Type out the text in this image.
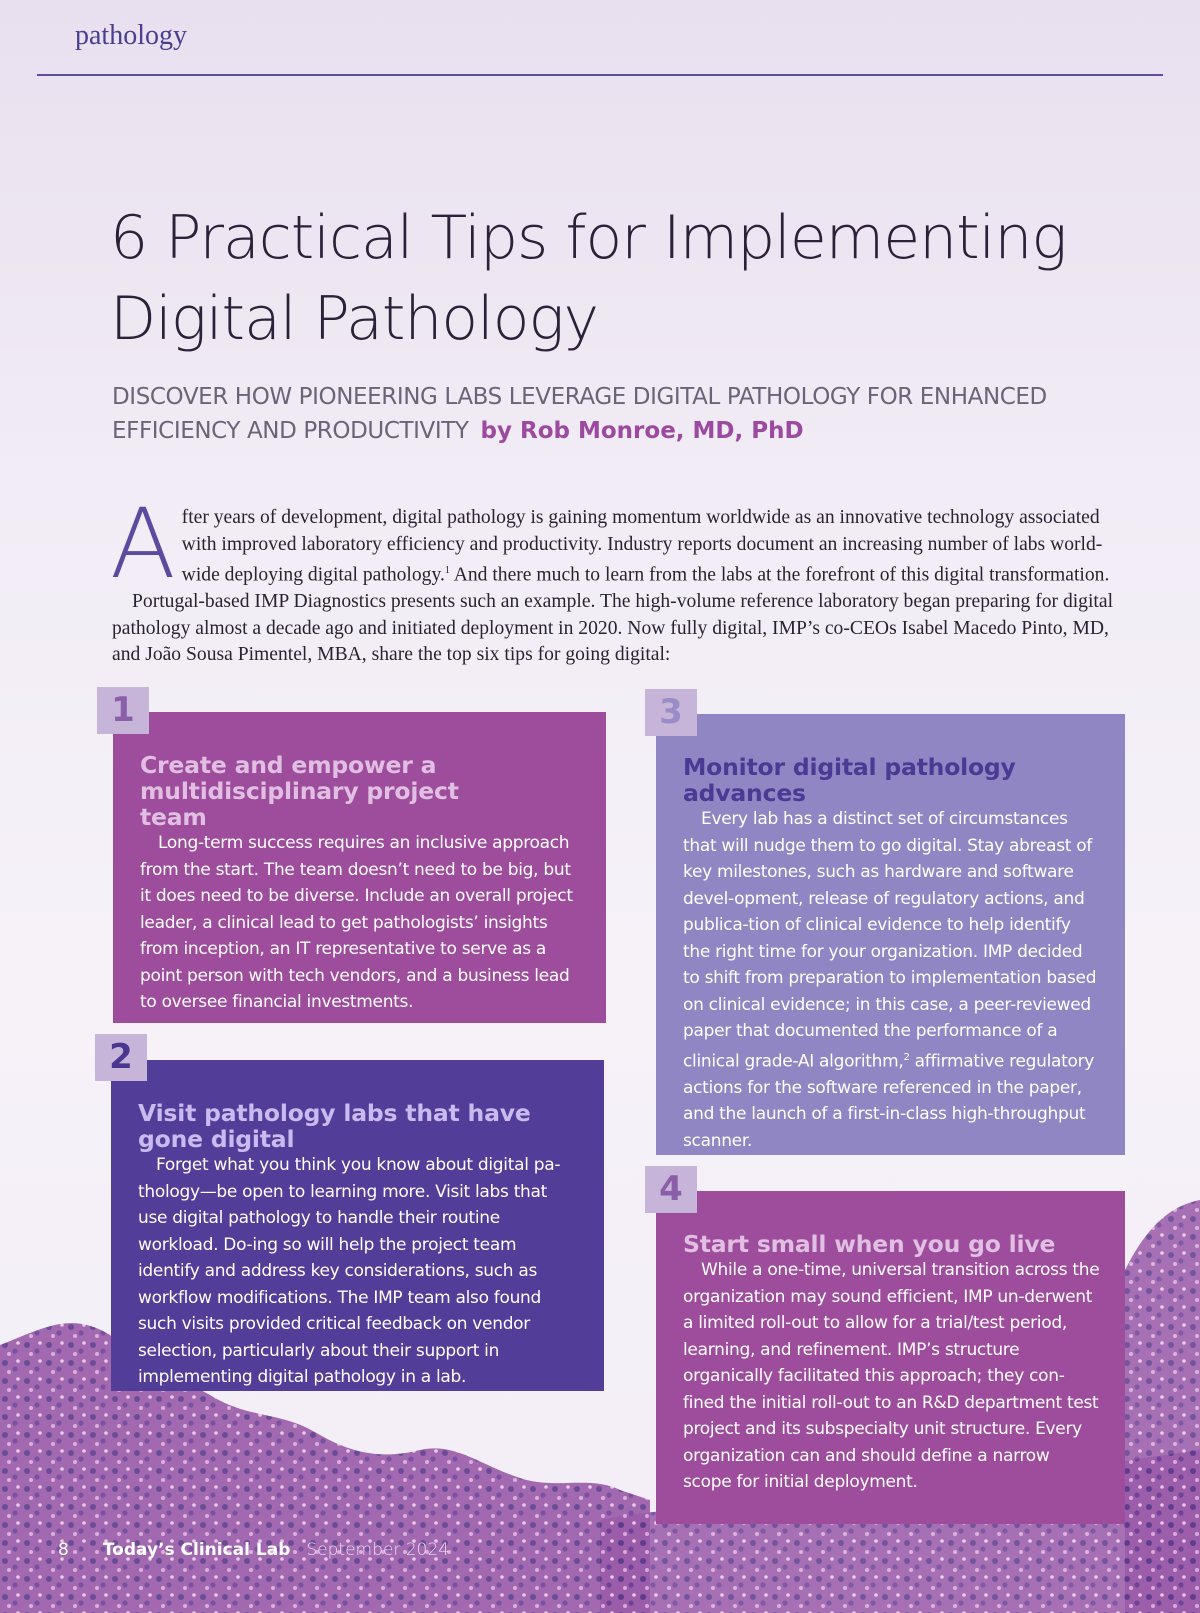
pathology
6 Practical Tips for Implementing
Digital Pathology
DISCOVER HOW PIONEERING LABS LEVERAGE DIGITAL PATHOLOGY FOR ENHANCED
EFFICIENCY AND PRODUCTIVITY by Rob Monroe, MD, PhD

After years of development, digital pathology is gaining momentum worldwide as an innovative technology associated with improved laboratory efficiency and productivity. Industry reports document an increasing number of labs world-wide deploying digital pathology.$^1$ And there much to learn from the labs at the forefront of this digital transformation.

Portugal-based IMP Diagnostics presents such an example. The high-volume reference laboratory began preparing for digital pathology almost a decade ago and initiated deployment in 2020. Now fully digital, IMP’s co-CEOs Isabel Macedo Pinto, MD, and João Sousa Pimentel, MBA, share the top six tips for going digital:

1
Create and empower a multidisciplinary project team

Long-term success requires an inclusive approach from the start. The team doesn’t need to be big, but it does need to be diverse. Include an overall project leader, a clinical lead to get pathologists’ insights from inception, an IT representative to serve as a point person with tech vendors, and a business lead to oversee financial investments.

2
Visit pathology labs that have gone digital

Forget what you think you know about digital pa-thology—be open to learning more. Visit labs that use digital pathology to handle their routine workload. Do-ing so will help the project team identify and address key considerations, such as workflow modifications. The IMP team also found such visits provided critical feedback on vendor selection, particularly about their support in implementing digital pathology in a lab.

3
Monitor digital pathology advances

Every lab has a distinct set of circumstances that will nudge them to go digital. Stay abreast of key milestones, such as hardware and software devel-opment, release of regulatory actions, and publica-tion of clinical evidence to help identify the right time for your organization. IMP decided to shift from preparation to implementation based on clinical evidence; in this case, a peer-reviewed paper that documented the performance of a clinical grade-AI algorithm,$^2$ affirmative regulatory actions for the software referenced in the paper, and the launch of a first-in-class high-throughput scanner.

4
Start small when you go live

While a one-time, universal transition across the organization may sound efficient, IMP un-derwent a limited roll-out to allow for a trial/test period, learning, and refinement. IMP’s structure organically facilitated this approach; they con-fined the initial roll-out to an R&D department test project and its subspecialty unit structure. Every organization can and should define a narrow scope for initial deployment.

8 Today’s Clinical Lab September 2024
